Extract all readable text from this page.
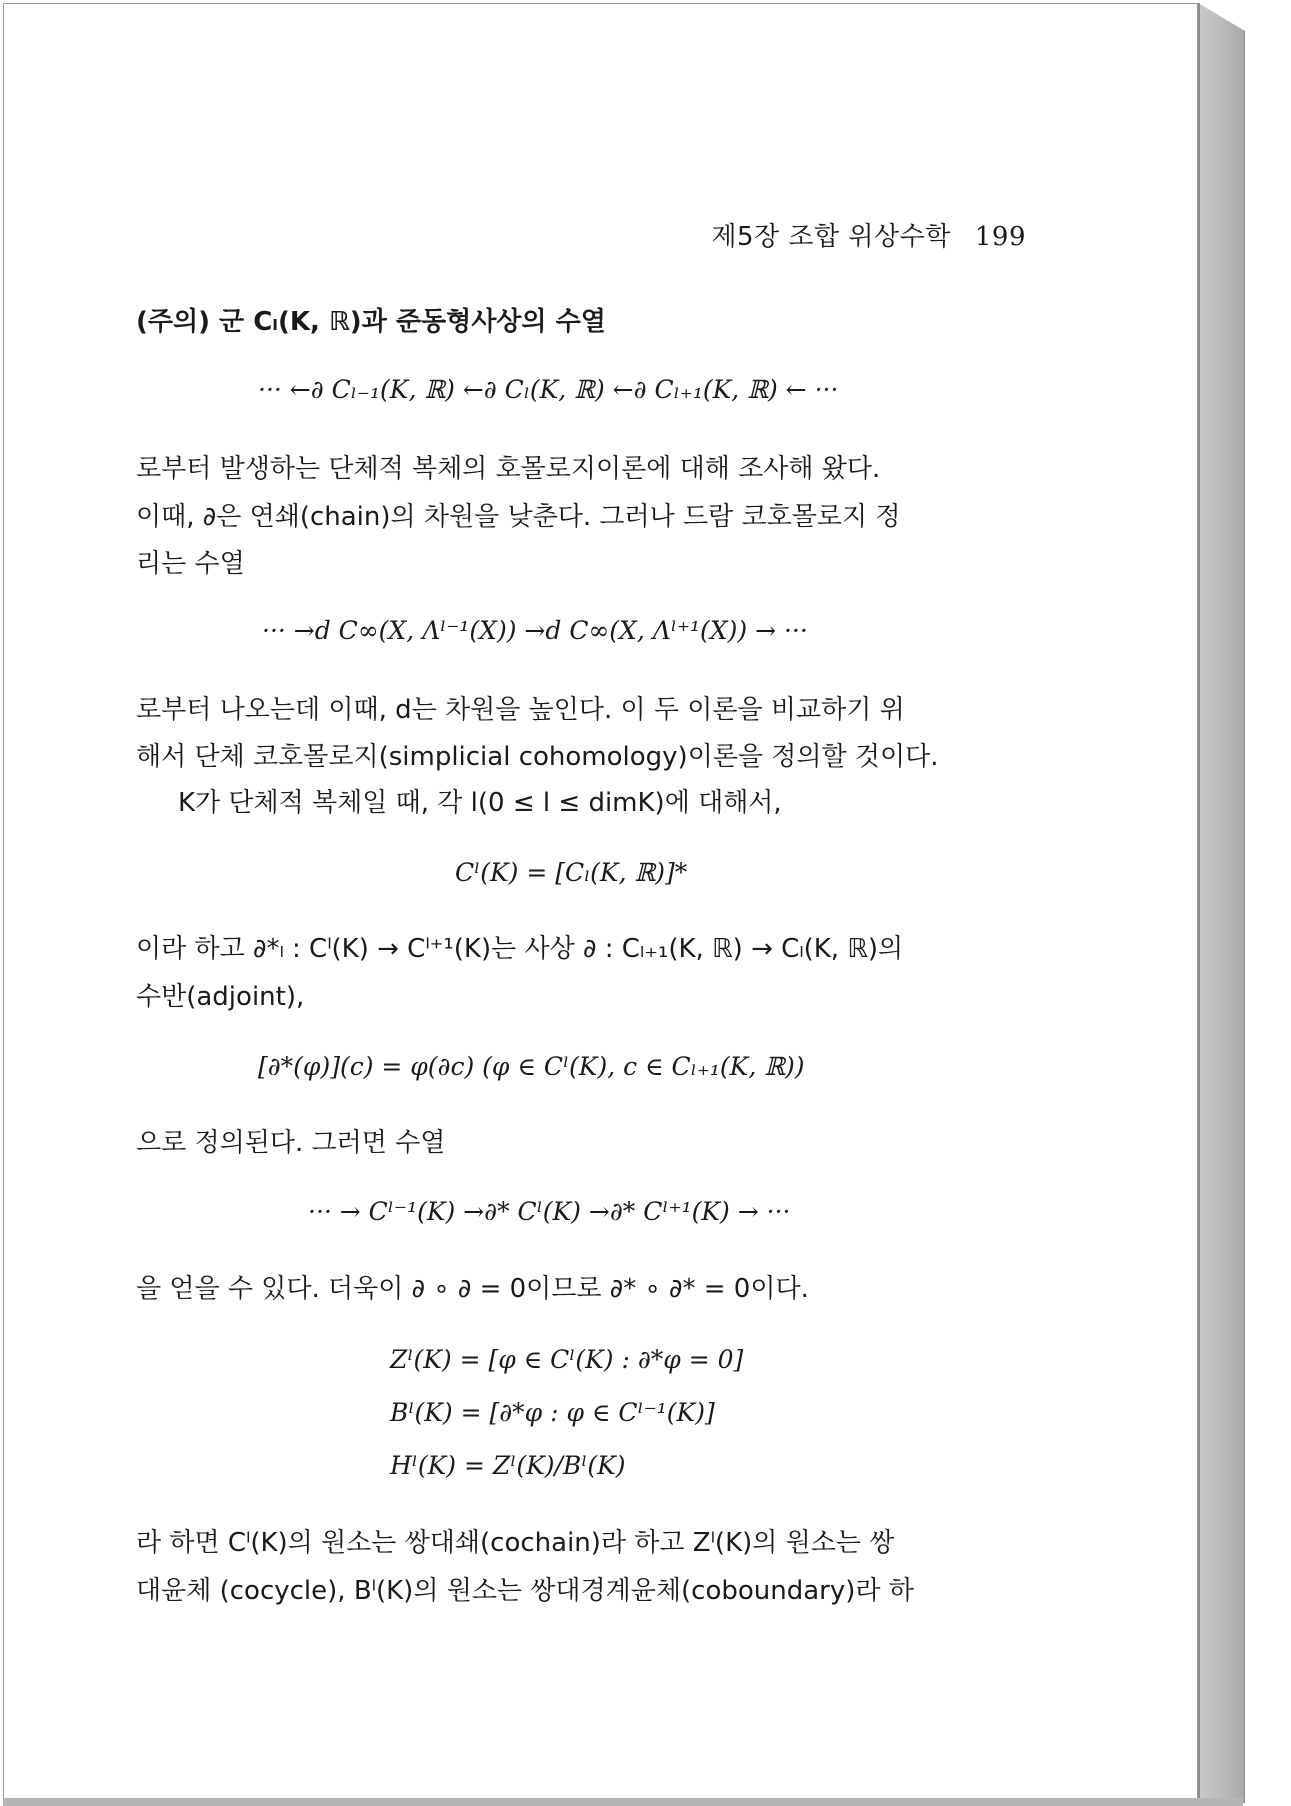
제5장 조합 위상수학 199
(주의) 군 Cₗ(K, ℝ)과 준동형사상의 수열
··· ←∂ Cₗ₋₁(K, ℝ) ←∂ Cₗ(K, ℝ) ←∂ Cₗ₊₁(K, ℝ) ← ···
로부터 발생하는 단체적 복체의 호몰로지이론에 대해 조사해 왔다.
이때, ∂은 연쇄(chain)의 차원을 낮춘다. 그러나 드람 코호몰로지 정
리는 수열
··· →d C∞(X, Λˡ⁻¹(X)) →d C∞(X, Λˡ⁺¹(X)) → ···
로부터 나오는데 이때, d는 차원을 높인다. 이 두 이론을 비교하기 위
해서 단체 코호몰로지(simplicial cohomology)이론을 정의할 것이다.
K가 단체적 복체일 때, 각 l(0 ≤ l ≤ dimK)에 대해서,
Cˡ(K) = [Cₗ(K, ℝ)]*
이라 하고 ∂*ₗ : Cˡ(K) → Cˡ⁺¹(K)는 사상 ∂ : Cₗ₊₁(K, ℝ) → Cₗ(K, ℝ)의
수반(adjoint),
[∂*(φ)](c) = φ(∂c) (φ ∈ Cˡ(K), c ∈ Cₗ₊₁(K, ℝ))
으로 정의된다. 그러면 수열
··· → Cˡ⁻¹(K) →∂* Cˡ(K) →∂* Cˡ⁺¹(K) → ···
을 얻을 수 있다. 더욱이 ∂ ∘ ∂ = 0이므로 ∂* ∘ ∂* = 0이다.
Zˡ(K) = [φ ∈ Cˡ(K) : ∂*φ = 0]
Bˡ(K) = [∂*φ : φ ∈ Cˡ⁻¹(K)]
Hˡ(K) = Zˡ(K)/Bˡ(K)
라 하면 Cˡ(K)의 원소는 쌍대쇄(cochain)라 하고 Zˡ(K)의 원소는 쌍
대윤체 (cocycle), Bˡ(K)의 원소는 쌍대경계윤체(coboundary)라 하
